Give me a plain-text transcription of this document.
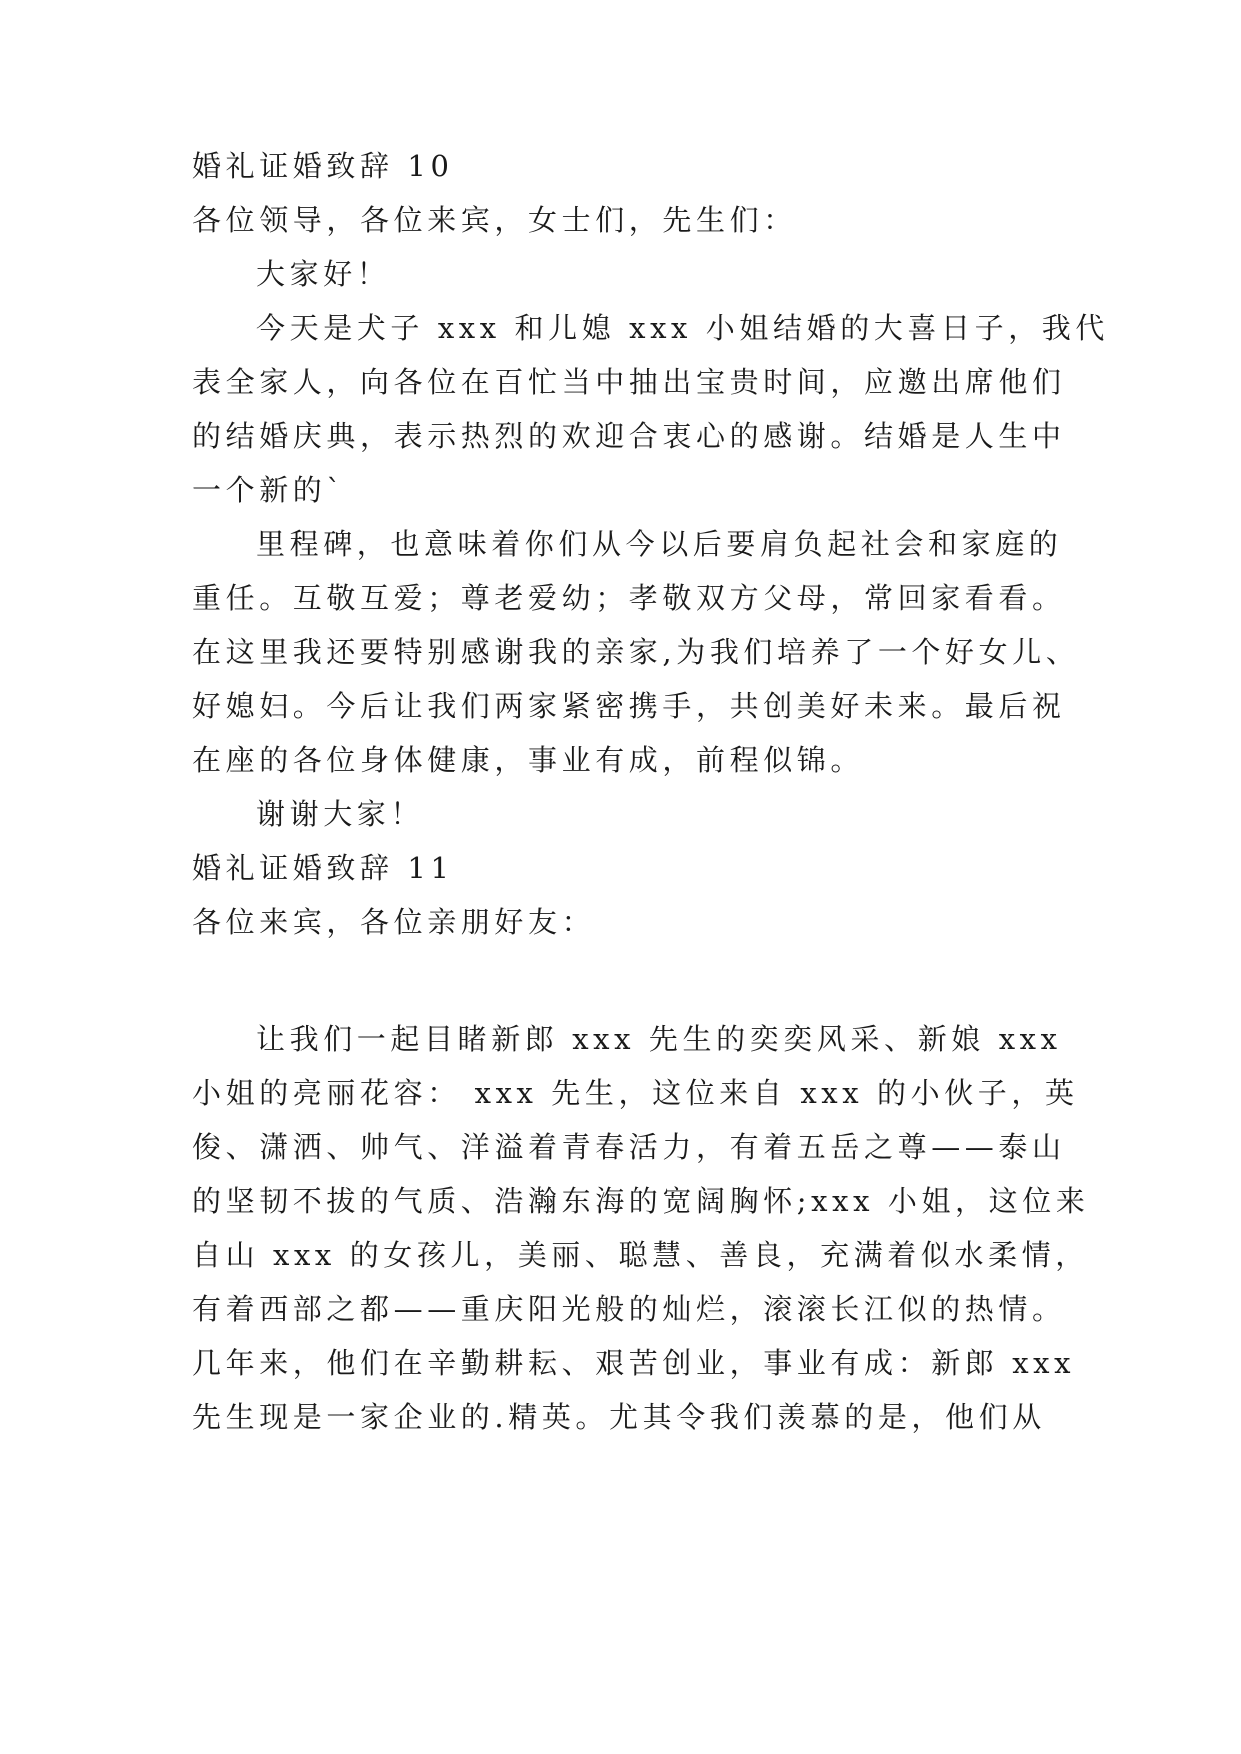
婚礼证婚致辞 10
各位领导，各位来宾，女士们，先生们：
大家好！
今天是犬子 xxx 和儿媳 xxx 小姐结婚的大喜日子，我代
表全家人，向各位在百忙当中抽出宝贵时间，应邀出席他们
的结婚庆典，表示热烈的欢迎合衷心的感谢。结婚是人生中
一个新的`
里程碑，也意味着你们从今以后要肩负起社会和家庭的
重任。互敬互爱；尊老爱幼；孝敬双方父母，常回家看看。
在这里我还要特别感谢我的亲家,为我们培养了一个好女儿、
好媳妇。今后让我们两家紧密携手，共创美好未来。最后祝
在座的各位身体健康，事业有成，前程似锦。
谢谢大家！
婚礼证婚致辞 11
各位来宾，各位亲朋好友：
让我们一起目睹新郎 xxx 先生的奕奕风采、新娘 xxx
小姐的亮丽花容： xxx 先生，这位来自 xxx 的小伙子，英
俊、潇洒、帅气、洋溢着青春活力，有着五岳之尊——泰山
的坚韧不拔的气质、浩瀚东海的宽阔胸怀;xxx 小姐，这位来
自山 xxx 的女孩儿，美丽、聪慧、善良，充满着似水柔情，
有着西部之都——重庆阳光般的灿烂，滚滚长江似的热情。
几年来，他们在辛勤耕耘、艰苦创业，事业有成：新郎 xxx
先生现是一家企业的.精英。尤其令我们羡慕的是，他们从
